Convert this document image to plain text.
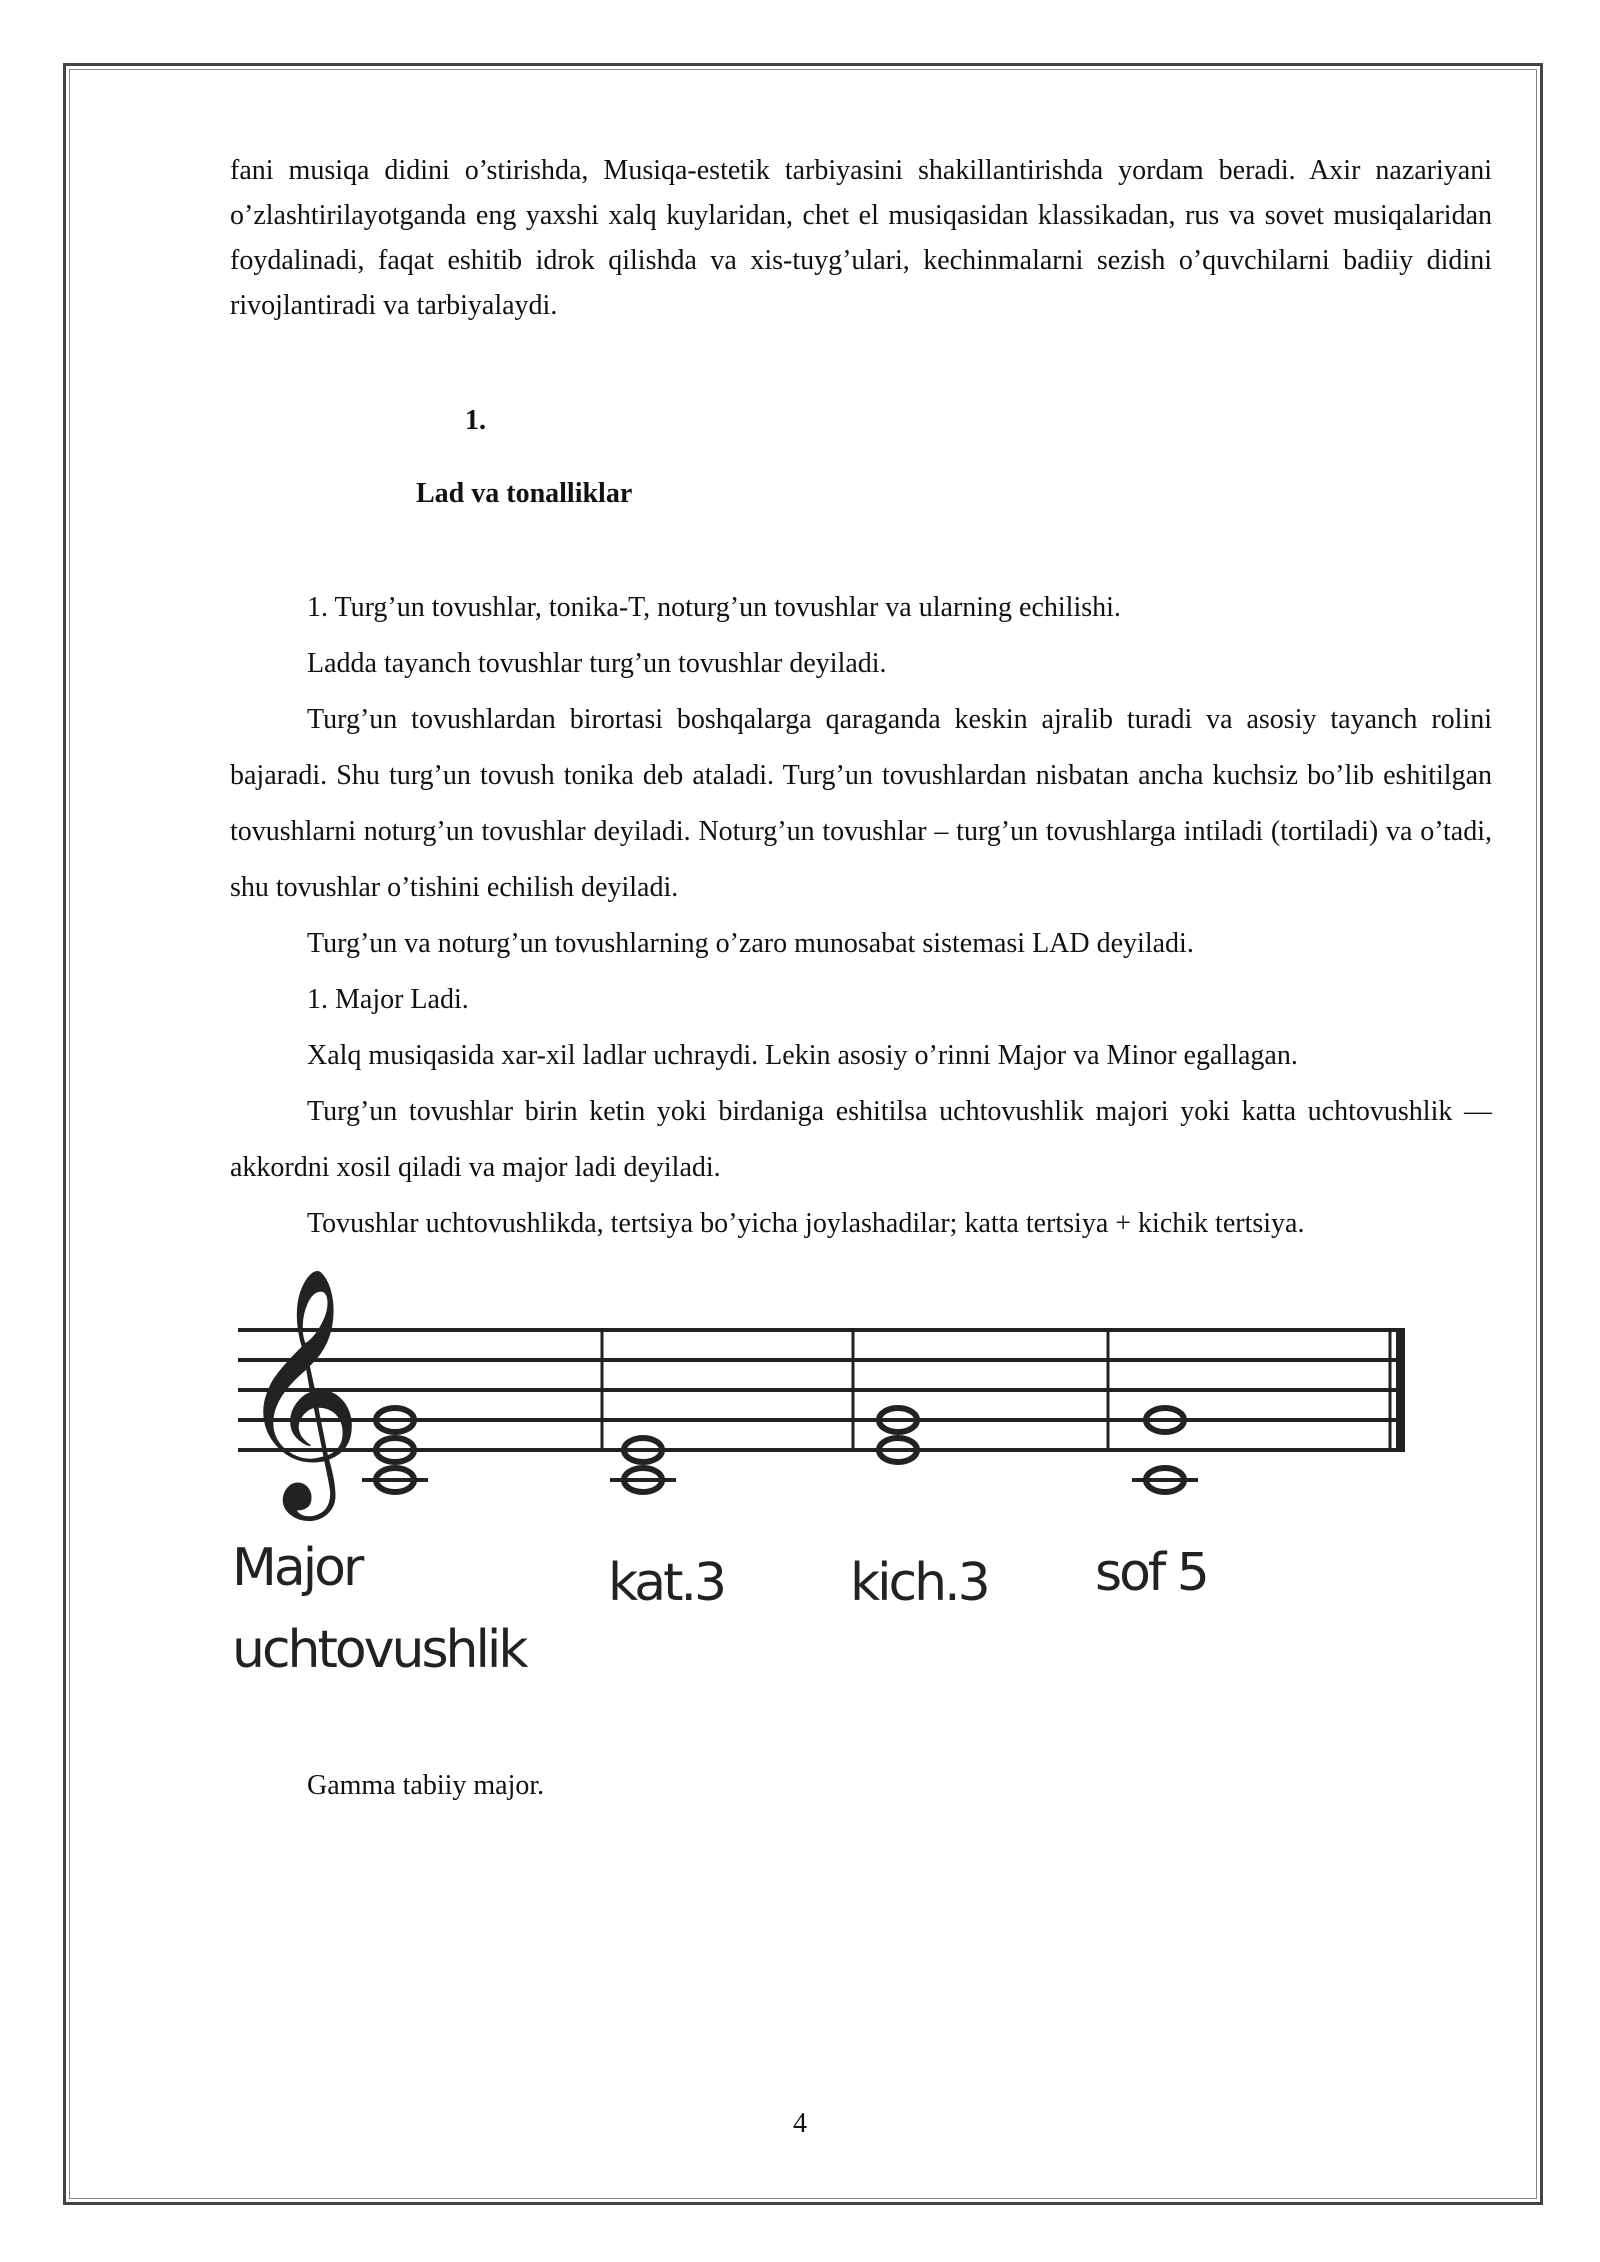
fani musiqa didini o’stirishda, Musiqa-estetik tarbiyasini shakillantirishda yordam beradi. Axir nazariyani o’zlashtirilayotganda eng yaxshi xalq kuylaridan, chet el musiqasidan klassikadan, rus va sovet musiqalaridan foydalinadi, faqat eshitib idrok qilishda va xis-tuyg’ulari, kechinmalarni sezish o’quvchilarni badiiy didini rivojlantiradi va tarbiyalaydi.

1.
Lad va tonalliklar

1. Turg’un tovushlar, tonika-T, noturg’un tovushlar va ularning echilishi.

Ladda tayanch tovushlar turg’un tovushlar deyiladi.

Turg’un tovushlardan birortasi boshqalarga qaraganda keskin ajralib turadi va asosiy tayanch rolini bajaradi. Shu turg’un tovush tonika deb ataladi. Turg’un tovushlardan nisbatan ancha kuchsiz bo’lib eshitilgan tovushlarni noturg’un tovushlar deyiladi. Noturg’un tovushlar – turg’un tovushlarga intiladi (tortiladi) va o’tadi, shu tovushlar o’tishini echilish deyiladi.

Turg’un va noturg’un tovushlarning o’zaro munosabat sistemasi LAD deyiladi.

1. Major Ladi.

Xalq musiqasida xar-xil ladlar uchraydi. Lekin asosiy o’rinni Major va Minor egallagan.

Turg’un tovushlar birin ketin yoki birdaniga eshitilsa uchtovushlik majori yoki katta uchtovushlik — akkordni xosil qiladi va major ladi deyiladi.

Tovushlar uchtovushlikda, tertsiya bo’yicha joylashadilar; katta tertsiya + kichik tertsiya.

𝄞
Major
uchtovushlik
kat.3 kich.3 sof 5
Gamma tabiiy major.
4
